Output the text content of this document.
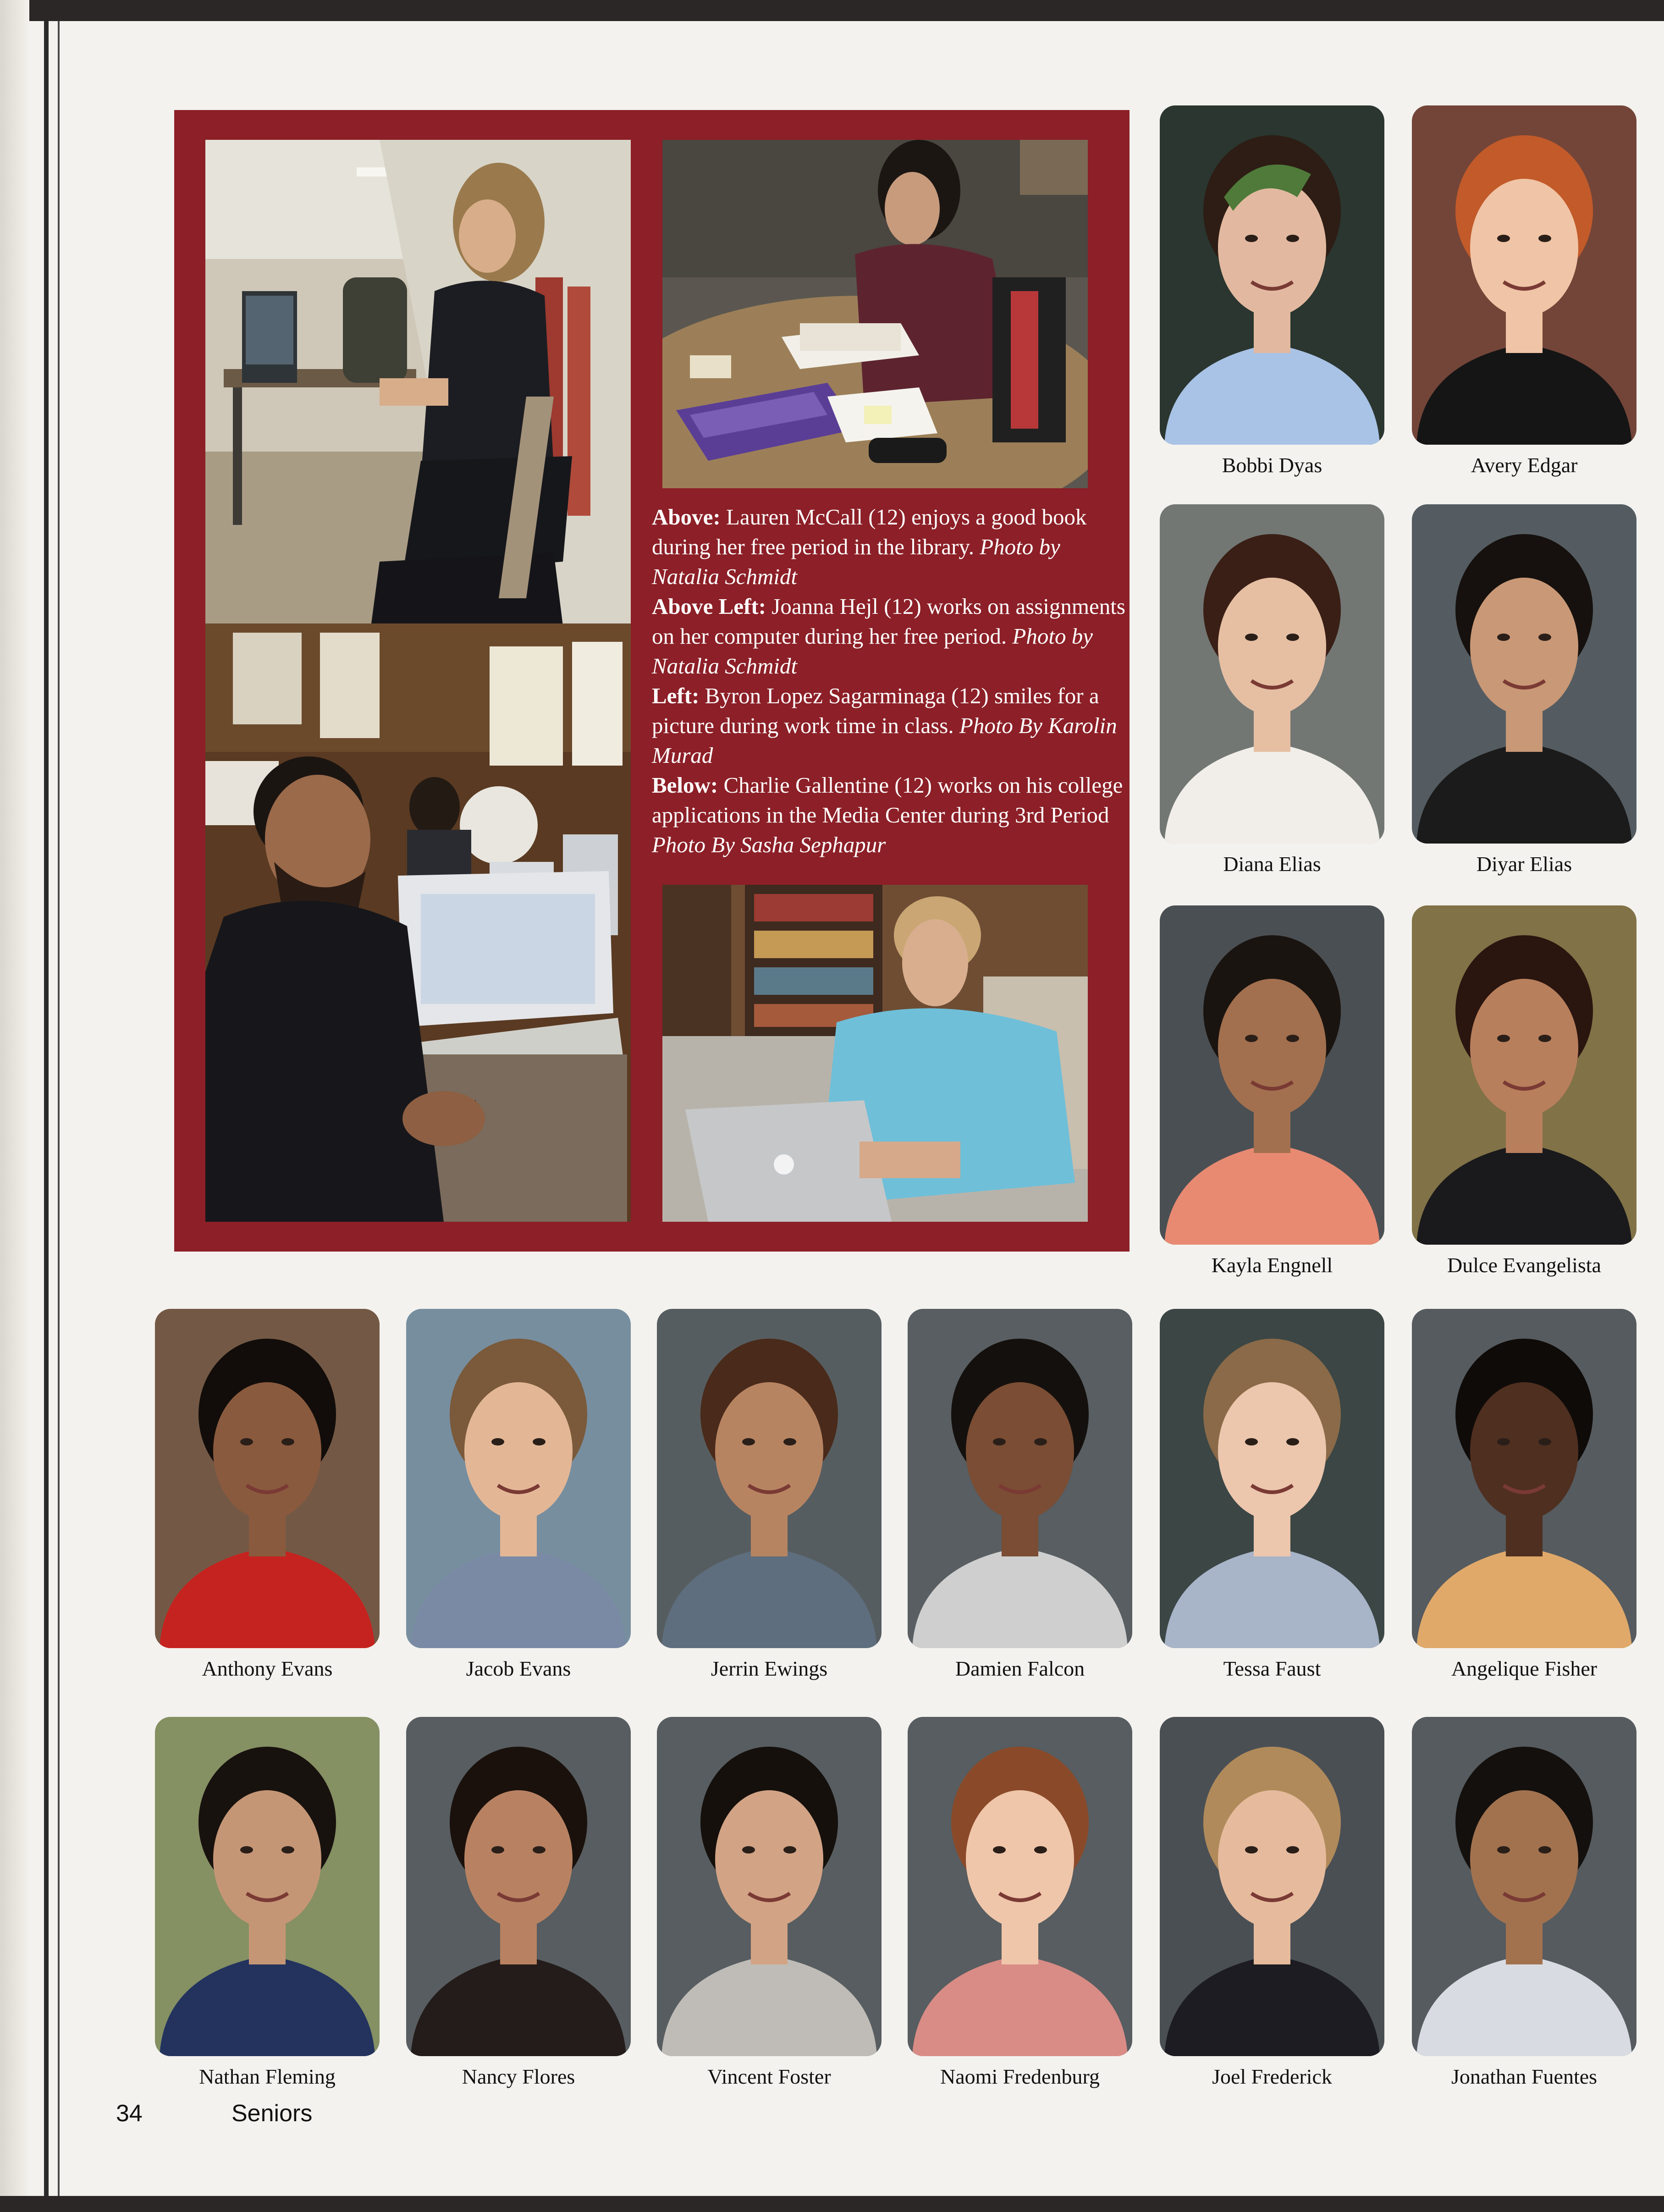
Above: Lauren McCall (12) enjoys a good book during her free period in the library. Photo by Natalia Schmidt

Above Left: Joanna Hejl (12) works on assignments on her computer during her free period. Photo by Natalia Schmidt

Left: Byron Lopez Sagarminaga (12) smiles for a picture during work time in class. Photo By Karolin Murad

Below: Charlie Gallentine (12) works on his college applications in the Media Center during 3rd Period Photo By Sasha Sephapur

Bobbi Dyas	Avery Edgar
Diana Elias	Diyar Elias
Kayla Engnell	Dulce Evangelista
Anthony Evans	Jacob Evans	Jerrin Ewings	Damien Falcon	Tessa Faust	Angelique Fisher
Nathan Fleming	Nancy Flores	Vincent Foster	Naomi Fredenburg	Joel Frederick	Jonathan Fuentes
34	Seniors
